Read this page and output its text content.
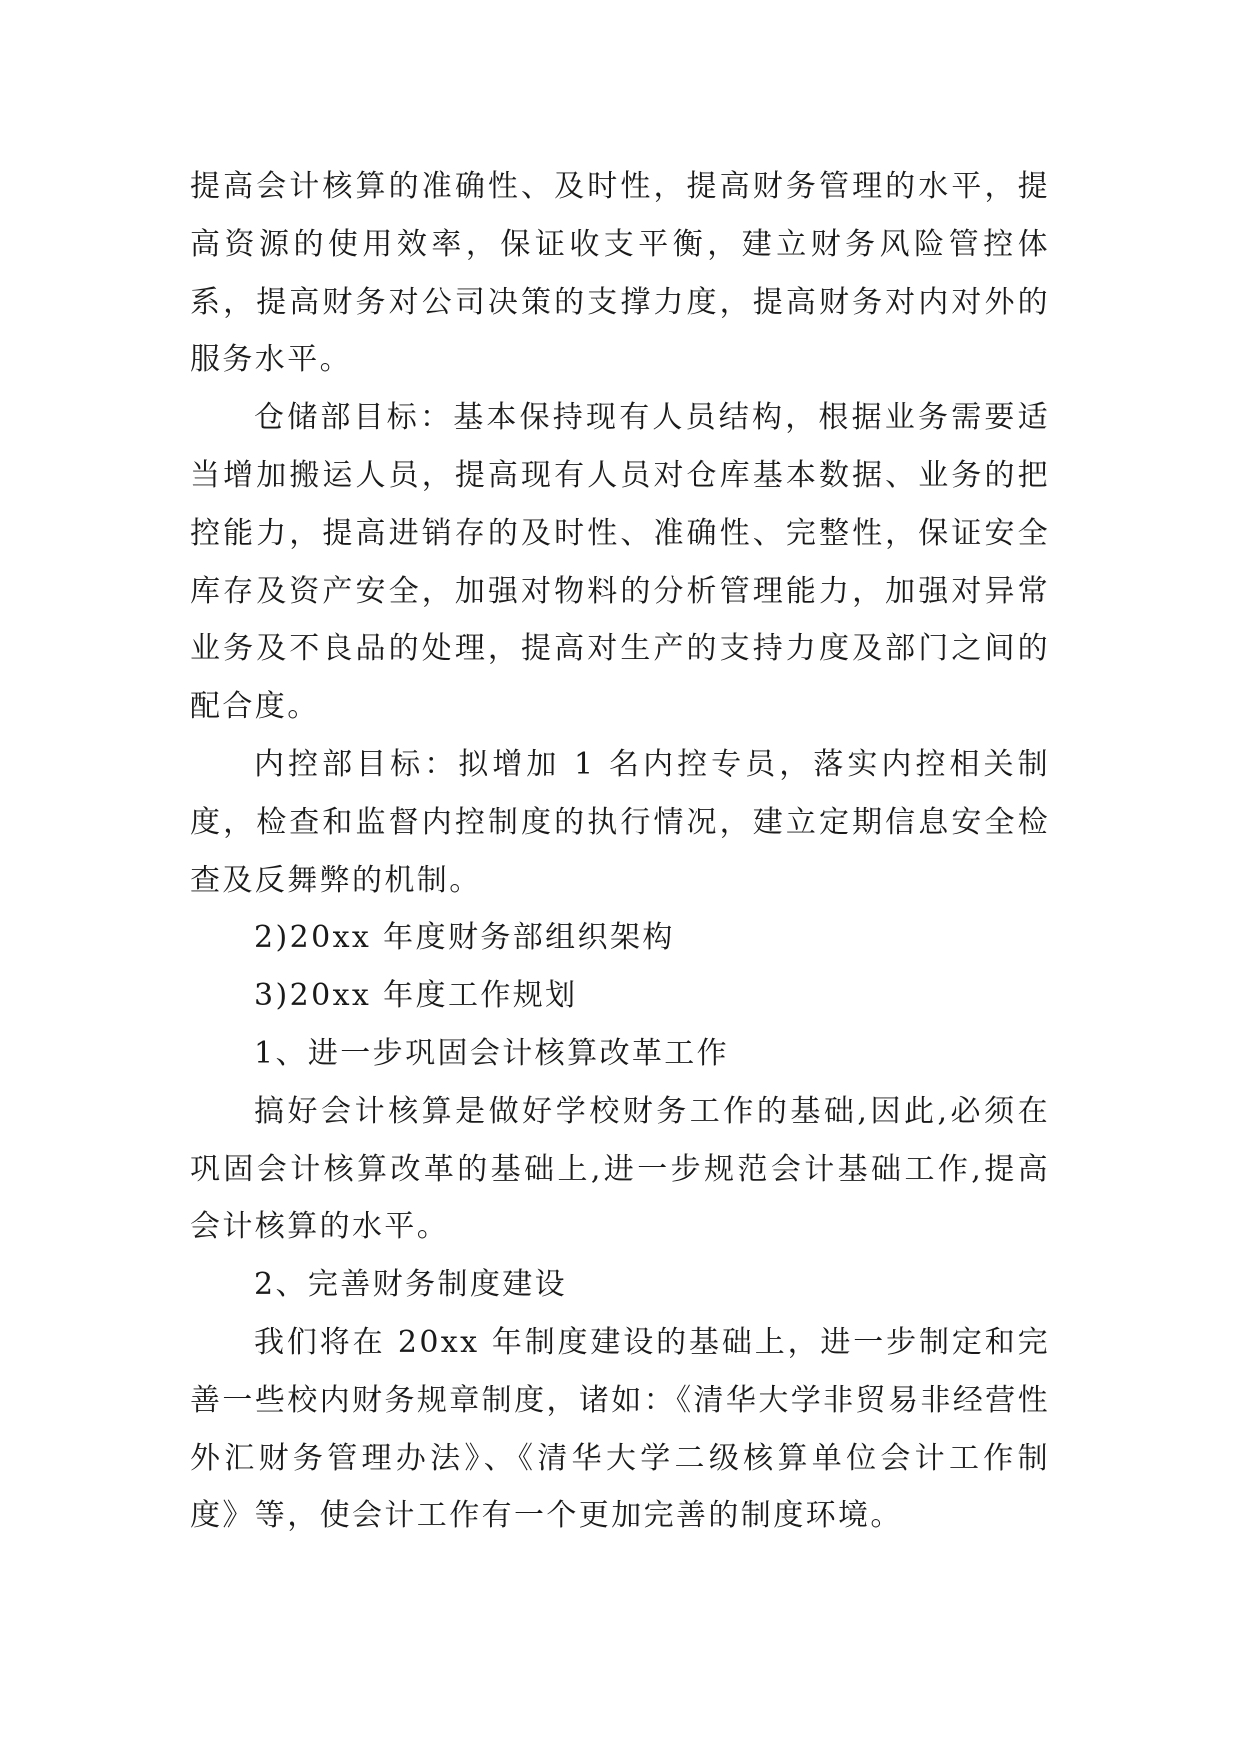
提高会计核算的准确性、及时性，提高财务管理的水平，提高资源的使用效率，保证收支平衡，建立财务风险管控体系，提高财务对公司决策的支撑力度，提高财务对内对外的服务水平。

仓储部目标：基本保持现有人员结构，根据业务需要适当增加搬运人员，提高现有人员对仓库基本数据、业务的把控能力，提高进销存的及时性、准确性、完整性，保证安全库存及资产安全，加强对物料的分析管理能力，加强对异常业务及不良品的处理，提高对生产的支持力度及部门之间的配合度。

内控部目标：拟增加 1 名内控专员，落实内控相关制度，检查和监督内控制度的执行情况，建立定期信息安全检查及反舞弊的机制。

2)20xx 年度财务部组织架构

3)20xx 年度工作规划

1、进一步巩固会计核算改革工作

搞好会计核算是做好学校财务工作的基础,因此,必须在巩固会计核算改革的基础上,进一步规范会计基础工作,提高会计核算的水平。

2、完善财务制度建设

我们将在 20xx 年制度建设的基础上，进一步制定和完善一些校内财务规章制度，诸如：《清华大学非贸易非经营性外汇财务管理办法》、《清华大学二级核算单位会计工作制度》等，使会计工作有一个更加完善的制度环境。
